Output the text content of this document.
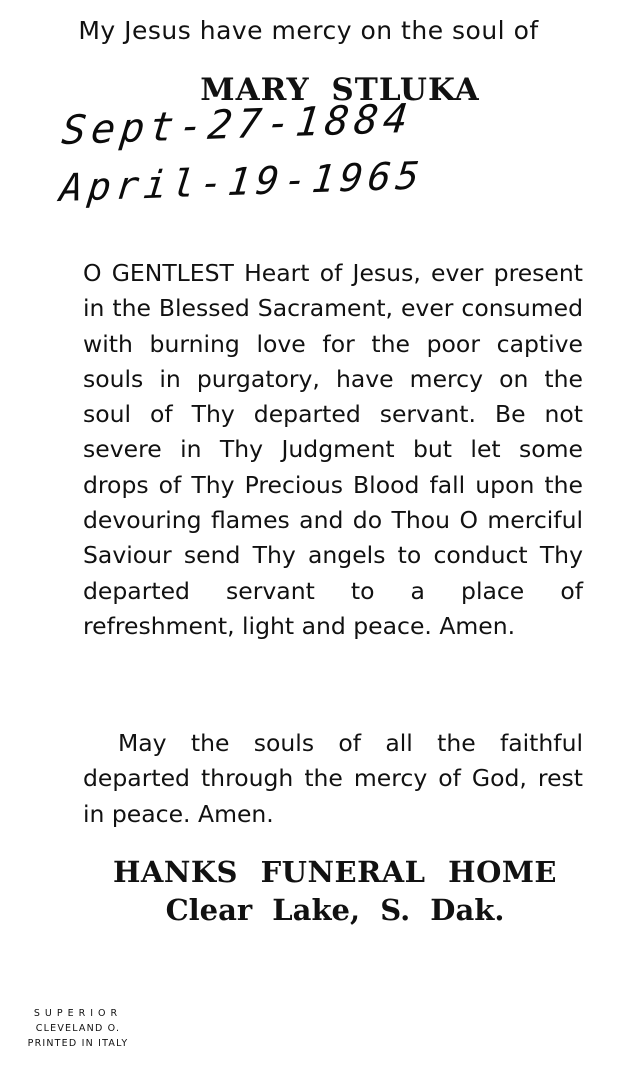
My Jesus have mercy on the soul of
MARY STLUKA
Sept-27-1884
April-19-1965

O GENTLEST Heart of Jesus, ever present in the Blessed Sacrament, ever consumed with burning love for the poor captive souls in purgatory, have mercy on the soul of Thy departed servant. Be not severe in Thy Judgment but let some drops of Thy Precious Blood fall upon the devouring flames and do Thou O merciful Saviour send Thy angels to conduct Thy departed servant to a place of refreshment, light and peace. Amen.

May the souls of all the faithful departed through the mercy of God, rest in peace. Amen.

HANKS FUNERAL HOME
Clear Lake, S. Dak.
SUPERIOR
CLEVELAND O.
PRINTED IN ITALY
